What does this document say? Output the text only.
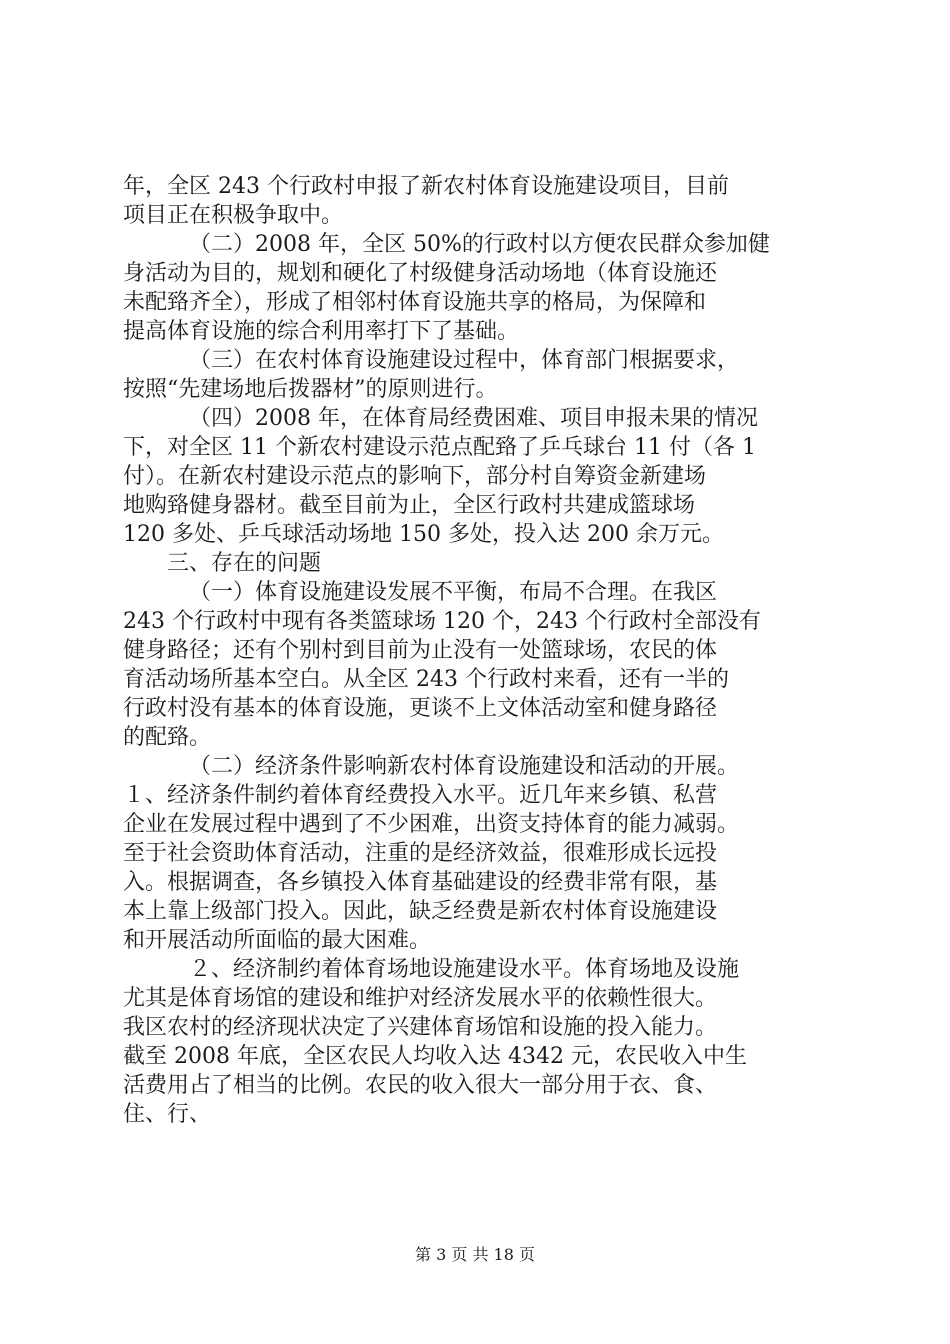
年，全区 243 个行政村申报了新农村体育设施建设项目，目前
项目正在积极争取中。
（二）2008 年，全区 50%的行政村以方便农民群众参加健
身活动为目的，规划和硬化了村级健身活动场地（体育设施还
未配臵齐全），形成了相邻村体育设施共享的格局，为保障和
提高体育设施的综合利用率打下了基础。
（三）在农村体育设施建设过程中，体育部门根据要求，
按照“先建场地后拨器材”的原则进行。
（四）2008 年，在体育局经费困难、项目申报未果的情况
下，对全区 11 个新农村建设示范点配臵了乒乓球台 11 付（各 1
付）。在新农村建设示范点的影响下，部分村自筹资金新建场
地购臵健身器材。截至目前为止，全区行政村共建成篮球场
120 多处、乒乓球活动场地 150 多处，投入达 200 余万元。
三、存在的问题
（一）体育设施建设发展不平衡，布局不合理。在我区
243 个行政村中现有各类篮球场 120 个，243 个行政村全部没有
健身路径；还有个别村到目前为止没有一处篮球场，农民的体
育活动场所基本空白。从全区 243 个行政村来看，还有一半的
行政村没有基本的体育设施，更谈不上文体活动室和健身路径
的配臵。
（二）经济条件影响新农村体育设施建设和活动的开展。
１、经济条件制约着体育经费投入水平。近几年来乡镇、私营
企业在发展过程中遇到了不少困难，出资支持体育的能力减弱。
至于社会资助体育活动，注重的是经济效益，很难形成长远投
入。根据调查，各乡镇投入体育基础建设的经费非常有限，基
本上靠上级部门投入。因此，缺乏经费是新农村体育设施建设
和开展活动所面临的最大困难。
２、经济制约着体育场地设施建设水平。体育场地及设施
尤其是体育场馆的建设和维护对经济发展水平的依赖性很大。
我区农村的经济现状决定了兴建体育场馆和设施的投入能力。
截至 2008 年底，全区农民人均收入达 4342 元，农民收入中生
活费用占了相当的比例。农民的收入很大一部分用于衣、食、
住、行、
第 3 页 共 18 页
